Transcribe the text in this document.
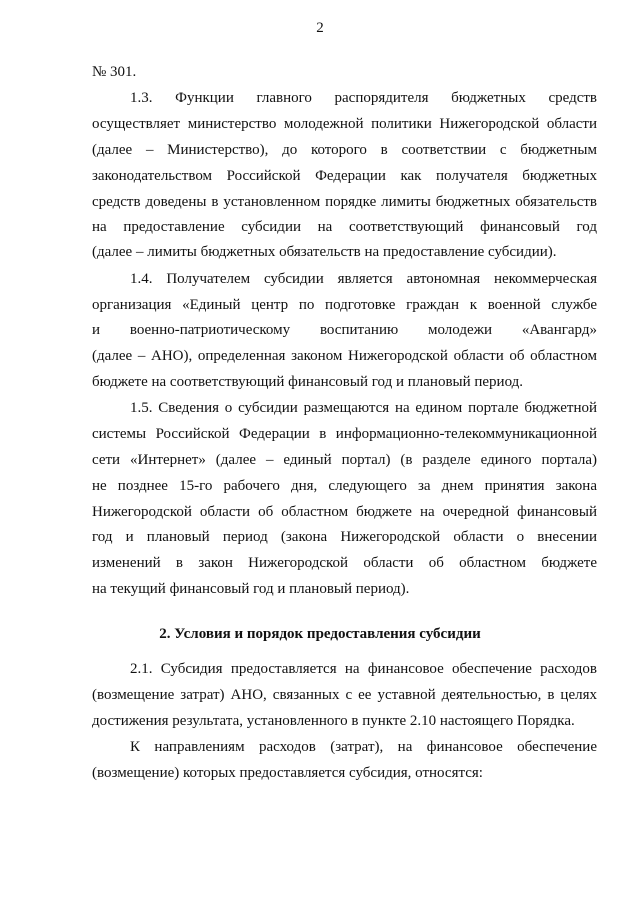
2
№ 301.
1.3. Функции главного распорядителя бюджетных средств
осуществляет министерство молодежной политики Нижегородской области
(далее – Министерство), до которого в соответствии с бюджетным
законодательством Российской Федерации как получателя бюджетных
средств доведены в установленном порядке лимиты бюджетных обязательств
на предоставление субсидии на соответствующий финансовый год
(далее – лимиты бюджетных обязательств на предоставление субсидии).
1.4. Получателем субсидии является автономная некоммерческая
организация «Единый центр по подготовке граждан к военной службе
и военно-патриотическому воспитанию молодежи «Авангард»
(далее – АНО), определенная законом Нижегородской области об областном
бюджете на соответствующий финансовый год и плановый период.
1.5. Сведения о субсидии размещаются на едином портале бюджетной
системы Российской Федерации в информационно-телекоммуникационной
сети «Интернет» (далее – единый портал) (в разделе единого портала)
не позднее 15-го рабочего дня, следующего за днем принятия закона
Нижегородской области об областном бюджете на очередной финансовый
год и плановый период (закона Нижегородской области о внесении
изменений в закон Нижегородской области об областном бюджете
на текущий финансовый год и плановый период).
2. Условия и порядок предоставления субсидии
2.1. Субсидия предоставляется на финансовое обеспечение расходов
(возмещение затрат) АНО, связанных с ее уставной деятельностью, в целях
достижения результата, установленного в пункте 2.10 настоящего Порядка.
К направлениям расходов (затрат), на финансовое обеспечение
(возмещение) которых предоставляется субсидия, относятся:
